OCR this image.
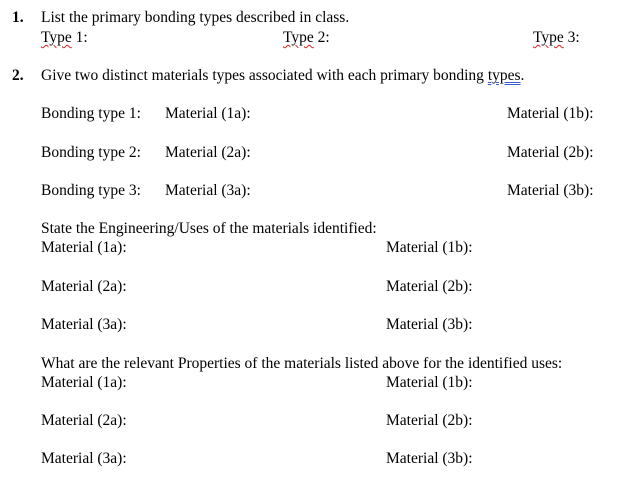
1. List the primary bonding types described in class.
Type 1:	Type 2:	Type 3:
2. Give two distinct materials types associated with each primary bonding types.
Bonding type 1: Material (1a):	Material (1b):
Bonding type 2: Material (2a):	Material (2b):
Bonding type 3: Material (3a):	Material (3b):
State the Engineering/Uses of the materials identified:
Material (1a):	Material (1b):
Material (2a):	Material (2b):
Material (3a):	Material (3b):
What are the relevant Properties of the materials listed above for the identified uses:
Material (1a):	Material (1b):
Material (2a):	Material (2b):
Material (3a):	Material (3b):
